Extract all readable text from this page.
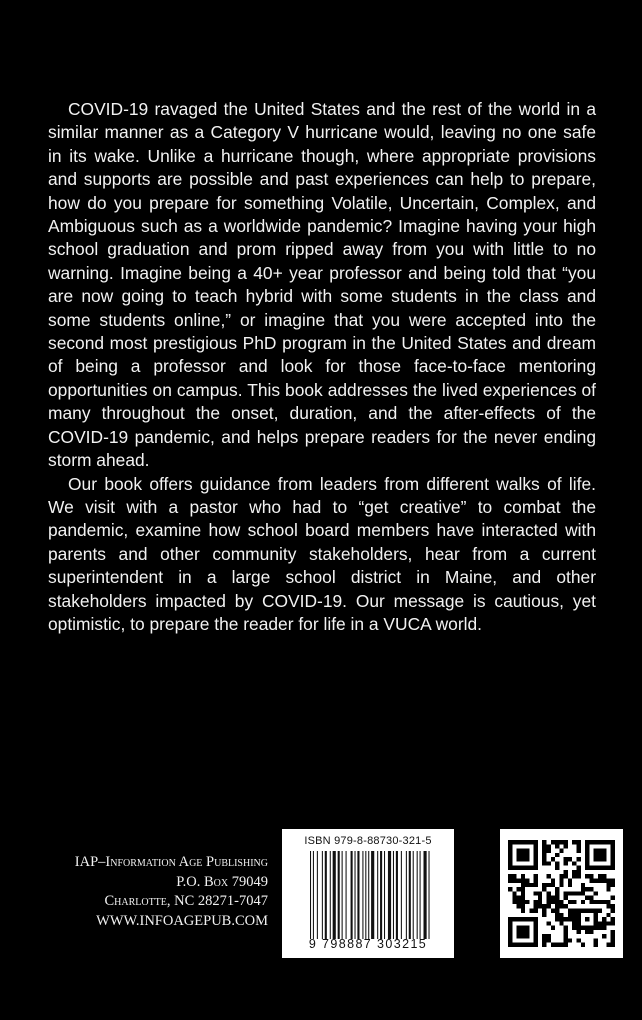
COVID-19 ravaged the United States and the rest of the world in a similar manner as a Category V hurricane would, leaving no one safe in its wake. Unlike a hurricane though, where appropriate provisions and supports are possible and past experiences can help to prepare, how do you prepare for something Volatile, Uncertain, Complex, and Ambiguous such as a worldwide pandemic? Imagine having your high school graduation and prom ripped away from you with little to no warning. Imagine being a 40+ year professor and being told that “you are now going to teach hybrid with some students in the class and some students online,” or imagine that you were accepted into the second most prestigious PhD program in the United States and dream of being a professor and look for those face-to-face mentoring opportunities on campus. This book addresses the lived experiences of many throughout the onset, duration, and the after-effects of the COVID-19 pandemic, and helps prepare readers for the never ending storm ahead.

Our book offers guidance from leaders from different walks of life. We visit with a pastor who had to “get creative” to combat the pandemic, examine how school board members have interacted with parents and other community stakeholders, hear from a current superintendent in a large school district in Maine, and other stakeholders impacted by COVID-19. Our message is cautious, yet optimistic, to prepare the reader for life in a VUCA world.

IAP–Information Age Publishing
P.O. Box 79049
Charlotte, NC 28271-7047
WWW.INFOAGEPUB.COM
ISBN 979-8-88730-321-5
9 798887 303215
